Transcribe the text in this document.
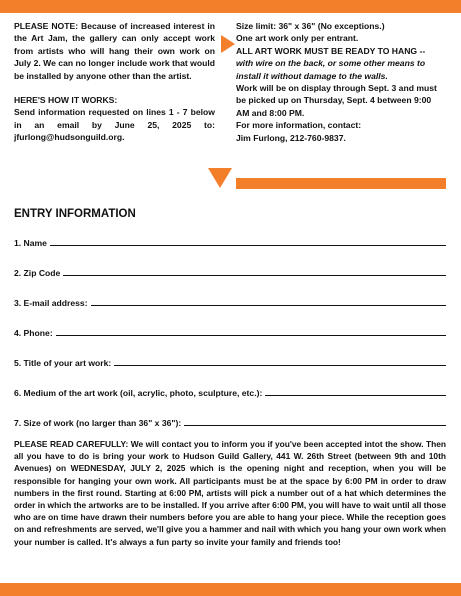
PLEASE NOTE: Because of increased interest in the Art Jam, the gallery can only accept work from artists who will hang their own work on July 2. We can no longer include work that would be installed by anyone other than the artist.

HERE'S HOW IT WORKS:

Send information requested on lines 1 - 7 below in an email by June 25, 2025 to: jfurlong@hudsonguild.org.

Size limit: 36" x 36" (No exceptions.)

One art work only per entrant.

ALL ART WORK MUST BE READY TO HANG --

with wire on the back, or some other means to install it without damage to the walls.

Work will be on display through Sept. 3 and must be picked up on Thursday, Sept. 4 between 9:00 AM and 8:00 PM.

For more information, contact:

Jim Furlong, 212-760-9837.

ENTRY INFORMATION
1. Name
2. Zip Code
3. E-mail address:
4. Phone:
5. Title of your art work:
6. Medium of the art work (oil, acrylic, photo, sculpture, etc.):
7. Size of work (no larger than 36" x 36"):

PLEASE READ CAREFULLY: We will contact you to inform you if you've been accepted intot the show. Then all you have to do is bring your work to Hudson Guild Gallery, 441 W. 26th Street (between 9th and 10th Avenues) on WEDNESDAY, JULY 2, 2025 which is the opening night and reception, when you will be responsible for hanging your own work. All participants must be at the space by 6:00 PM in order to draw numbers in the first round. Starting at 6:00 PM, artists will pick a number out of a hat which determines the order in which the artworks are to be installed. If you arrive after 6:00 PM, you will have to wait until all those who are on time have drawn their numbers before you are able to hang your piece. While the reception goes on and refreshments are served, we'll give you a hammer and nail with which you hang your own work when your number is called. It's always a fun party so invite your family and friends too!
